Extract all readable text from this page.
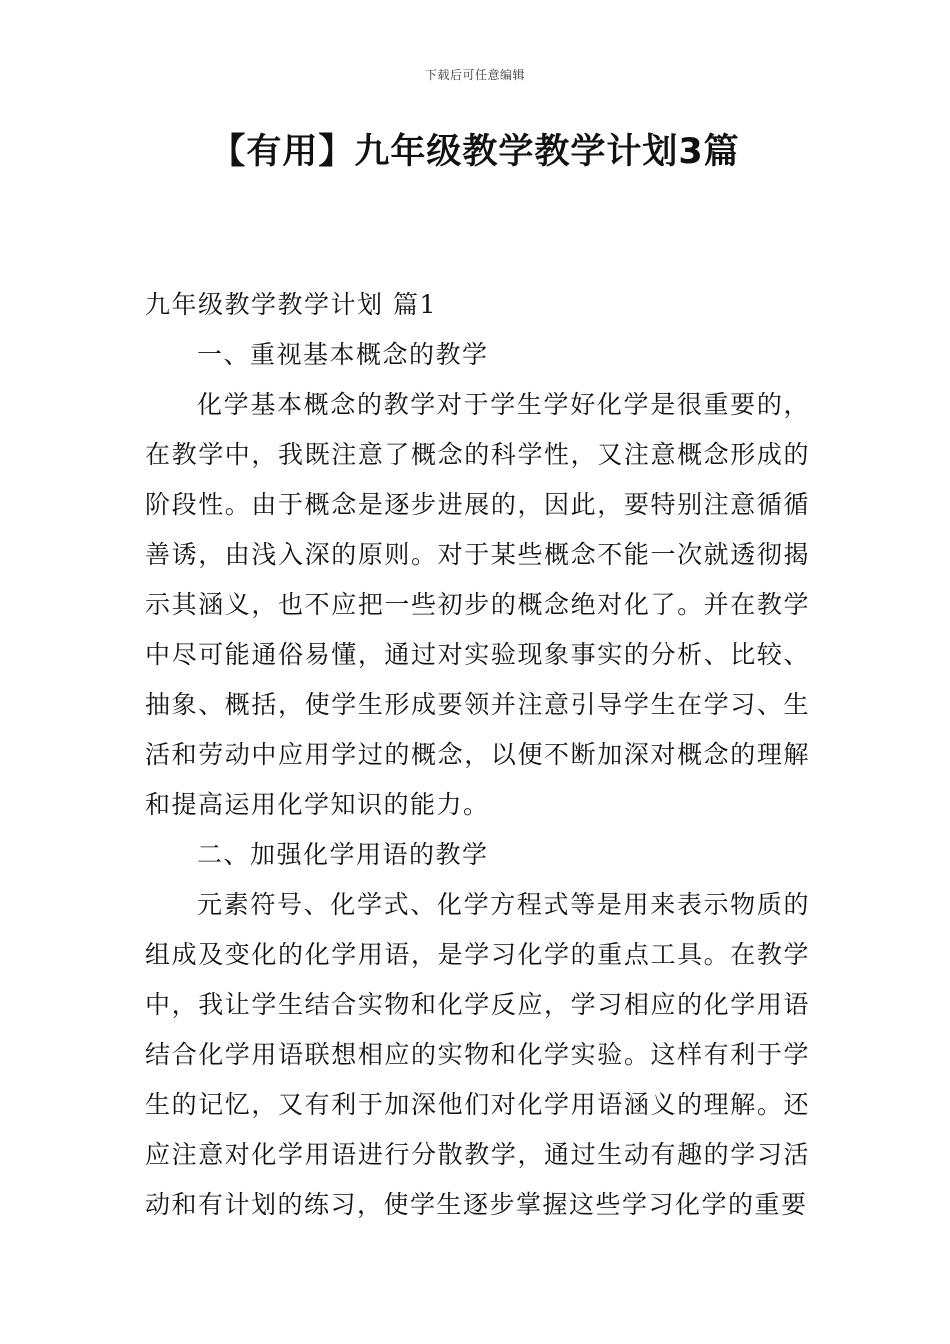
下载后可任意编辑
【有用】九年级教学教学计划3篇

九年级教学教学计划 篇1

一、重视基本概念的教学

化学基本概念的教学对于学生学好化学是很重要的，在教学中，我既注意了概念的科学性，又注意概念形成的阶段性。由于概念是逐步进展的，因此，要特别注意循循善诱，由浅入深的原则。对于某些概念不能一次就透彻揭示其涵义，也不应把一些初步的概念绝对化了。并在教学中尽可能通俗易懂，通过对实验现象事实的分析、比较、抽象、概括，使学生形成要领并注意引导学生在学习、生活和劳动中应用学过的概念，以便不断加深对概念的理解和提高运用化学知识的能力。

二、加强化学用语的教学

元素符号、化学式、化学方程式等是用来表示物质的组成及变化的化学用语，是学习化学的重点工具。在教学中，我让学生结合实物和化学反应，学习相应的化学用语结合化学用语联想相应的实物和化学实验。这样有利于学生的记忆，又有利于加深他们对化学用语涵义的理解。还应注意对化学用语进行分散教学，通过生动有趣的学习活动和有计划的练习，使学生逐步掌握这些学习化学的重要
